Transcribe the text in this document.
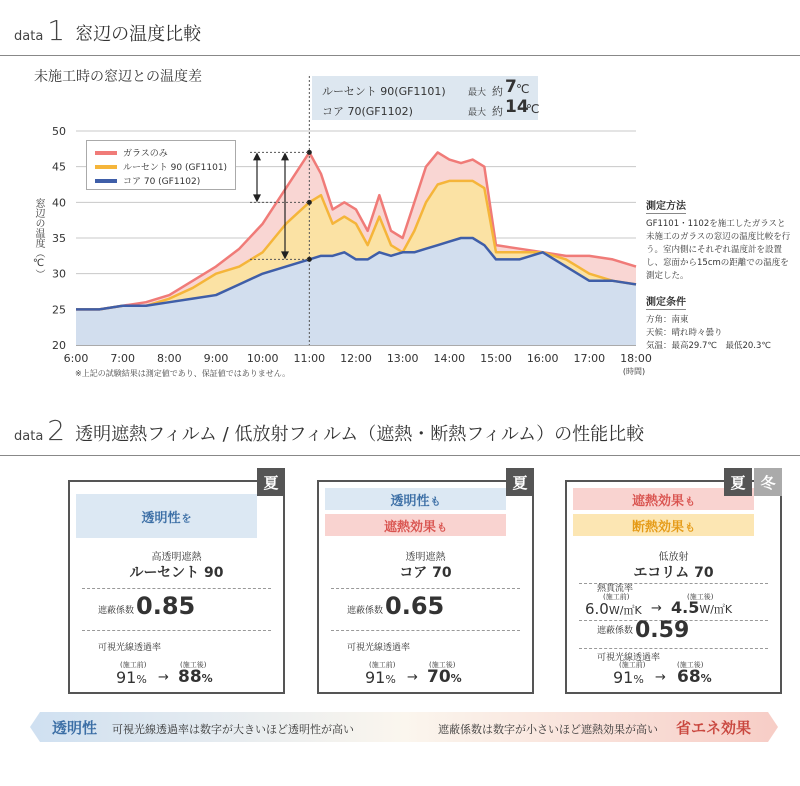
data 1 窓辺の温度比較
未施工時の窓辺との温度差
ルーセント 90(GF1101) 最大 約 7 ℃
コア 70(GF1102)	最大 約 14
℃
20
25
30
35
40
45
50
6:00 7:00 8:00 9:00 10:00 11:00 12:00 13:00 14:00 15:00 16:00 17:00 18:00
(時間)
窓辺の温度（℃）
ガラスのみ
ルーセント 90 (GF1101)
コア 70 (GF1102)
※上記の試験結果は測定値であり、保証値ではありません。
測定方法
GF1101・1102を施工したガラスと未施工のガラスの窓辺の温度比較を行う。室内側にそれぞれ温度計を設置し、窓面から15cmの距離での温度を測定した。
測定条件
方角：南東
天候：晴れ時々曇り
気温：最高29.7℃　最低20.3℃
data 2 透明遮熱フィルム / 低放射フィルム（遮熱・断熱フィルム）の性能比較
透明性 を
高透明遮熱
ルーセント 90
遮蔽係数 0.85
可視光線透過率
(施工前)	(施工後)
91% → 88%
夏
透明性 も
遮熱効果 も
透明遮熱
コア 70
遮蔽係数 0.65
可視光線透過率
(施工前)	(施工後)
91% → 70%
夏
遮熱効果 も
断熱効果 も
低放射
エコリム 70
熱貫流率
(施工前)	(施工後)
6.0W/㎡K → 4.5W/㎡K
遮蔽係数 0.59
可視光線透過率
(施工前)	(施工後)
91% → 68%
夏 冬
透明性 可視光線透過率は数字が大きいほど透明性が高い	遮蔽係数は数字が小さいほど遮熱効果が高い 省エネ効果
